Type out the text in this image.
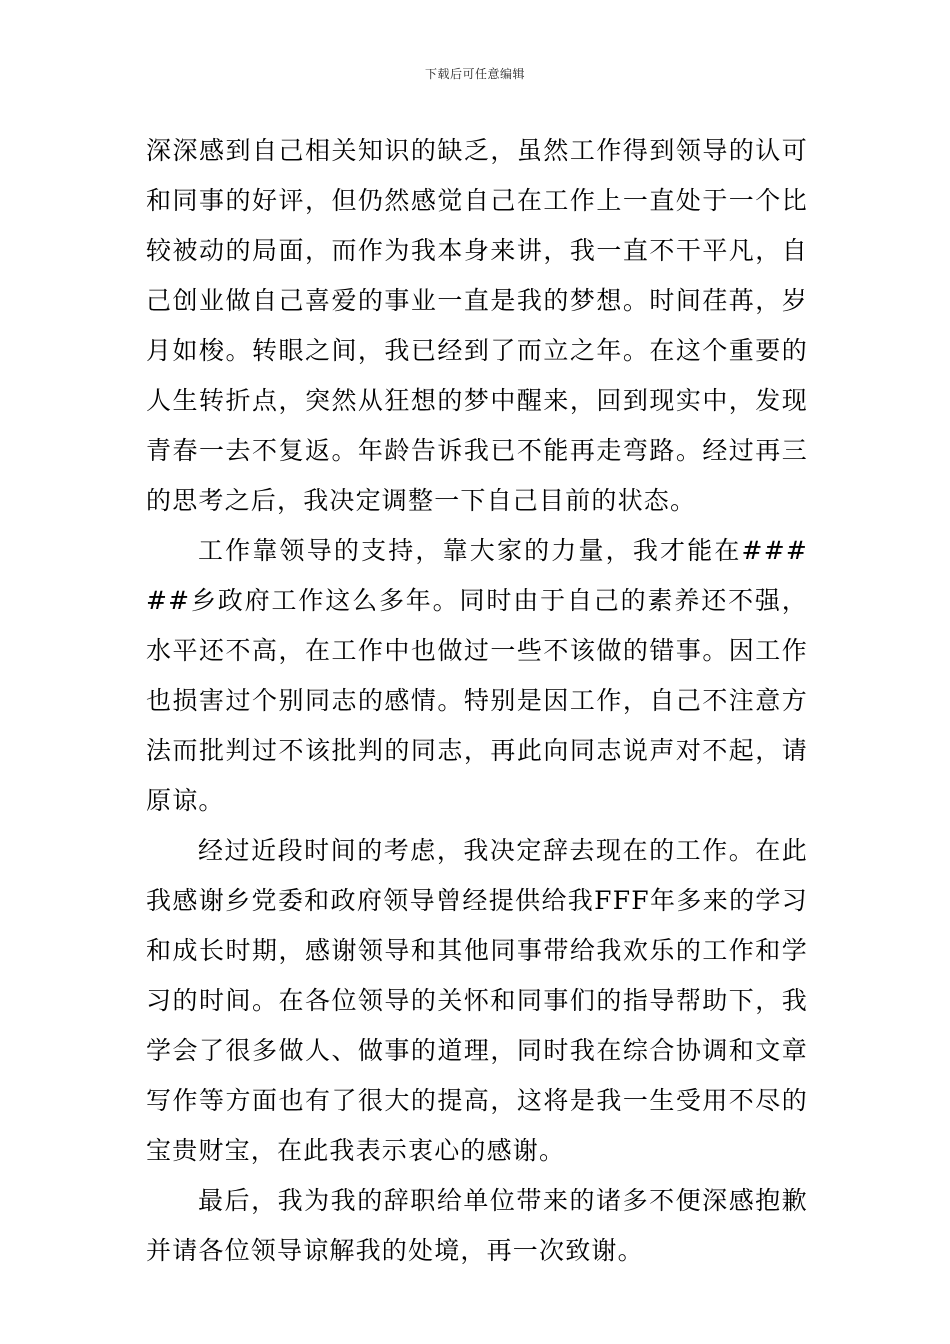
下载后可任意编辑

深深感到自己相关知识的缺乏，虽然工作得到领导的认可和同事的好评，但仍然感觉自己在工作上一直处于一个比较被动的局面，而作为我本身来讲，我一直不干平凡，自己创业做自己喜爱的事业一直是我的梦想。时间荏苒，岁月如梭。转眼之间，我已经到了而立之年。在这个重要的人生转折点，突然从狂想的梦中醒来，回到现实中，发现青春一去不复返。年龄告诉我已不能再走弯路。经过再三的思考之后，我决定调整一下自己目前的状态。

工作靠领导的支持，靠大家的力量，我才能在#####乡政府工作这么多年。同时由于自己的素养还不强，水平还不高，在工作中也做过一些不该做的错事。因工作也损害过个别同志的感情。特别是因工作，自己不注意方法而批判过不该批判的同志，再此向同志说声对不起，请原谅。

经过近段时间的考虑，我决定辞去现在的工作。在此我感谢乡党委和政府领导曾经提供给我FFF年多来的学习和成长时期，感谢领导和其他同事带给我欢乐的工作和学习的时间。在各位领导的关怀和同事们的指导帮助下，我学会了很多做人、做事的道理，同时我在综合协调和文章写作等方面也有了很大的提高，这将是我一生受用不尽的宝贵财宝，在此我表示衷心的感谢。

最后，我为我的辞职给单位带来的诸多不便深感抱歉并请各位领导谅解我的处境，再一次致谢。
